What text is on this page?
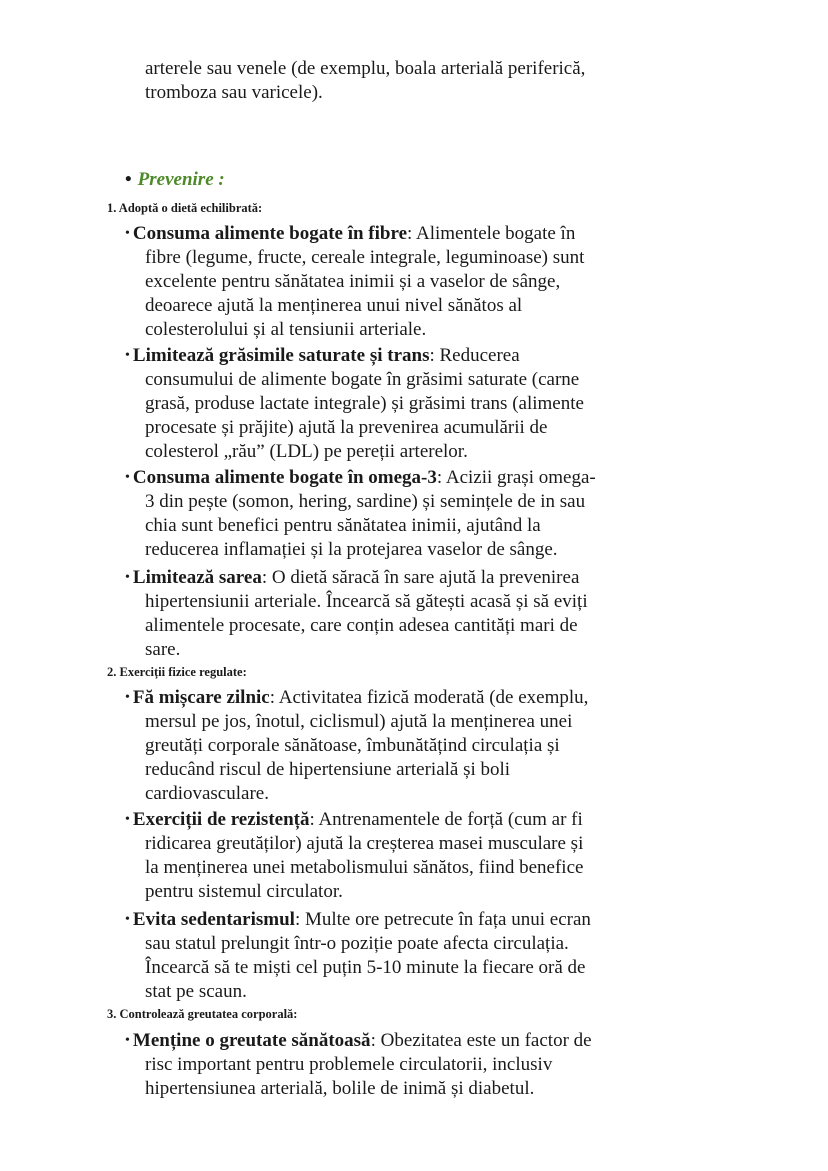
arterele sau venele (de exemplu, boala arterială periferică,
tromboza sau varicele).
• Prevenire :
1. Adoptă o dietă echilibrată:
• Consuma alimente bogate în fibre: Alimentele bogate în
fibre (legume, fructe, cereale integrale, leguminoase) sunt
excelente pentru sănătatea inimii și a vaselor de sânge,
deoarece ajută la menținerea unui nivel sănătos al
colesterolului și al tensiunii arteriale.
• Limitează grăsimile saturate și trans: Reducerea
consumului de alimente bogate în grăsimi saturate (carne
grasă, produse lactate integrale) și grăsimi trans (alimente
procesate și prăjite) ajută la prevenirea acumulării de
colesterol „rău” (LDL) pe pereții arterelor.
• Consuma alimente bogate în omega-3: Acizii grași omega-
3 din pește (somon, hering, sardine) și semințele de in sau
chia sunt benefici pentru sănătatea inimii, ajutând la
reducerea inflamației și la protejarea vaselor de sânge.
• Limitează sarea: O dietă săracă în sare ajută la prevenirea
hipertensiunii arteriale. Încearcă să gătești acasă și să eviți
alimentele procesate, care conțin adesea cantități mari de
sare.
2. Exerciții fizice regulate:
• Fă mișcare zilnic: Activitatea fizică moderată (de exemplu,
mersul pe jos, înotul, ciclismul) ajută la menținerea unei
greutăți corporale sănătoase, îmbunătățind circulația și
reducând riscul de hipertensiune arterială și boli
cardiovasculare.
• Exerciții de rezistență: Antrenamentele de forță (cum ar fi
ridicarea greutăților) ajută la creșterea masei musculare și
la menținerea unei metabolismului sănătos, fiind benefice
pentru sistemul circulator.
• Evita sedentarismul: Multe ore petrecute în fața unui ecran
sau statul prelungit într-o poziție poate afecta circulația.
Încearcă să te miști cel puțin 5-10 minute la fiecare oră de
stat pe scaun.
3. Controlează greutatea corporală:
• Menține o greutate sănătoasă: Obezitatea este un factor de
risc important pentru problemele circulatorii, inclusiv
hipertensiunea arterială, bolile de inimă și diabetul.
